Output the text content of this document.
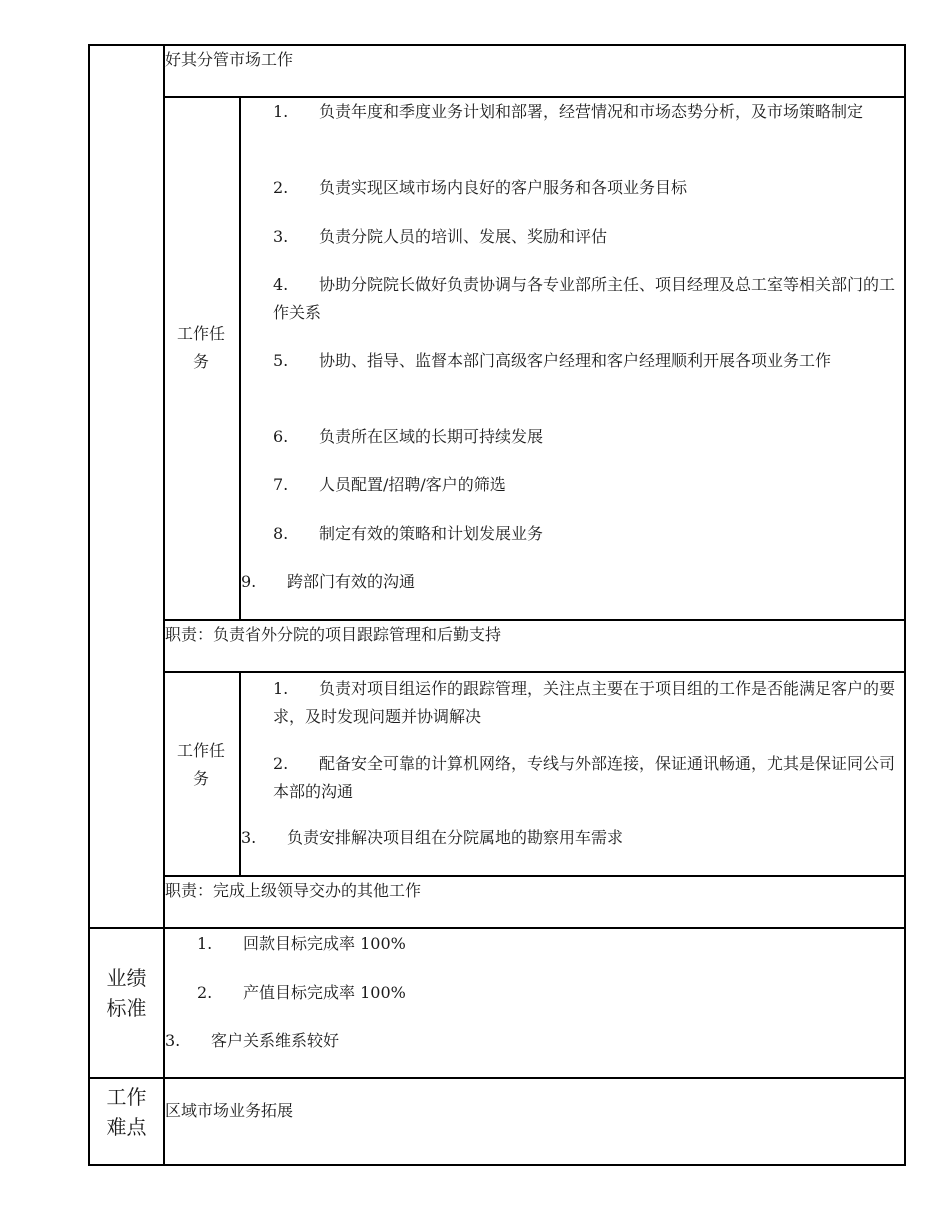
好其分管市场工作
工作任务
1. 负责年度和季度业务计划和部署，经营情况和市场态势分析，及市场策略制定
2. 负责实现区域市场内良好的客户服务和各项业务目标
3. 负责分院人员的培训、发展、奖励和评估
4. 协助分院院长做好负责协调与各专业部所主任、项目经理及总工室等相关部门的工作关系
5. 协助、指导、监督本部门高级客户经理和客户经理顺利开展各项业务工作
6. 负责所在区域的长期可持续发展
7. 人员配置/招聘/客户的筛选
8. 制定有效的策略和计划发展业务
9. 跨部门有效的沟通
职责：负责省外分院的项目跟踪管理和后勤支持
工作任务
1. 负责对项目组运作的跟踪管理，关注点主要在于项目组的工作是否能满足客户的要求，及时发现问题并协调解决
2. 配备安全可靠的计算机网络，专线与外部连接，保证通讯畅通，尤其是保证同公司本部的沟通
3. 负责安排解决项目组在分院属地的勘察用车需求
职责：完成上级领导交办的其他工作
业绩标准
1. 回款目标完成率 100%
2. 产值目标完成率 100%
3. 客户关系维系较好
工作难点
区域市场业务拓展
